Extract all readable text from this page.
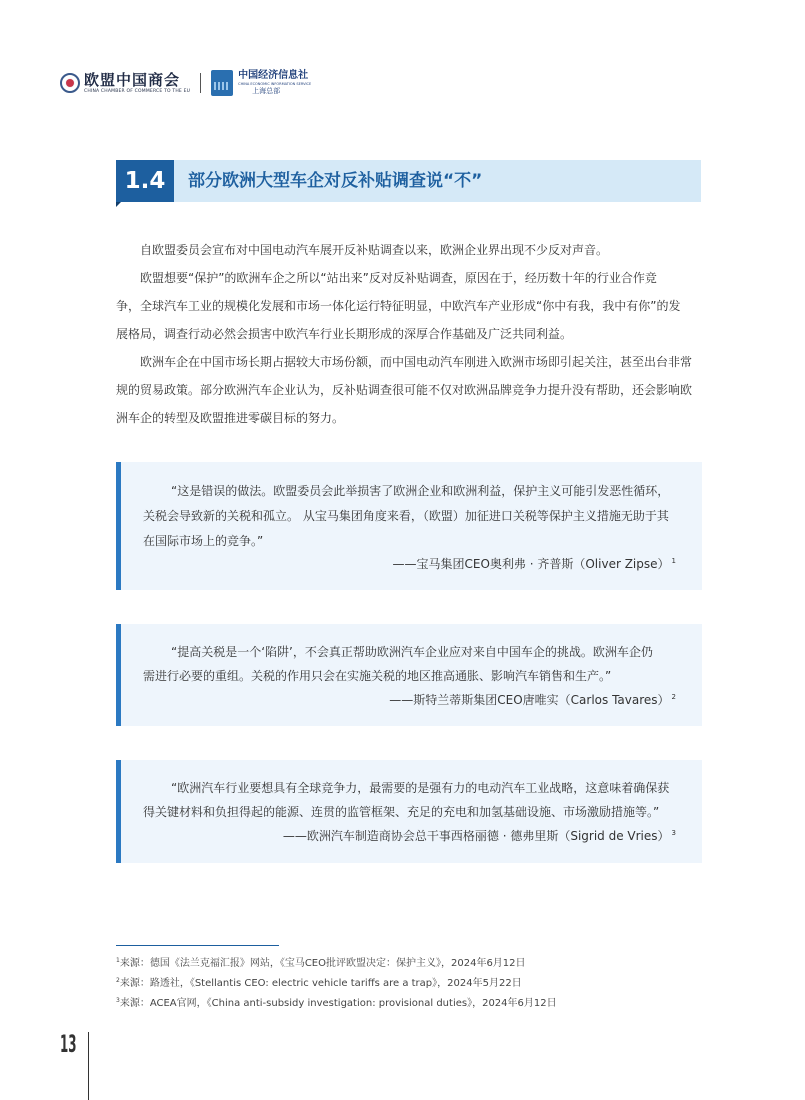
欧盟中国商会
CHINA CHAMBER OF COMMERCE TO THE EU
中国经济信息社
CHINA ECONOMIC INFORMATION SERVICE
上海总部
1.4	部分欧洲大型车企对反补贴调查说“不”

自欧盟委员会宣布对中国电动汽车展开反补贴调查以来，欧洲企业界出现不少反对声音。

欧盟想要“保护”的欧洲车企之所以“站出来”反对反补贴调查，原因在于，经历数十年的行业合作竞
争，全球汽车工业的规模化发展和市场一体化运行特征明显，中欧汽车产业形成“你中有我，我中有你”的发
展格局，调查行动必然会损害中欧汽车行业长期形成的深厚合作基础及广泛共同利益。

欧洲车企在中国市场长期占据较大市场份额，而中国电动汽车刚进入欧洲市场即引起关注，甚至出台非常
规的贸易政策。部分欧洲汽车企业认为，反补贴调查很可能不仅对欧洲品牌竞争力提升没有帮助，还会影响欧
洲车企的转型及欧盟推进零碳目标的努力。

“这是错误的做法。欧盟委员会此举损害了欧洲企业和欧洲利益，保护主义可能引发恶性循环，
关税会导致新的关税和孤立。 从宝马集团角度来看，（欧盟）加征进口关税等保护主义措施无助于其
在国际市场上的竞争。”
——宝马集团CEO奥利弗 · 齐普斯（Oliver Zipse） $^1$
“提高关税是一个‘陷阱’，不会真正帮助欧洲汽车企业应对来自中国车企的挑战。欧洲车企仍
需进行必要的重组。关税的作用只会在实施关税的地区推高通胀、影响汽车销售和生产。”
——斯特兰蒂斯集团CEO唐唯实（Carlos Tavares） $^2$
“欧洲汽车行业要想具有全球竞争力，最需要的是强有力的电动汽车工业战略，这意味着确保获
得关键材料和负担得起的能源、连贯的监管框架、充足的充电和加氢基础设施、市场激励措施等。”
——欧洲汽车制造商协会总干事西格丽德 · 德弗里斯（Sigrid de Vries） $^3$
$^1$来源：德国《法兰克福汇报》网站，《宝马CEO批评欧盟决定：保护主义》，2024年6月12日
$^2$来源：路透社，《Stellantis CEO: electric vehicle tariffs are a trap》，2024年5月22日
$^3$来源：ACEA官网，《China anti-subsidy investigation: provisional duties》，2024年6月12日
13
